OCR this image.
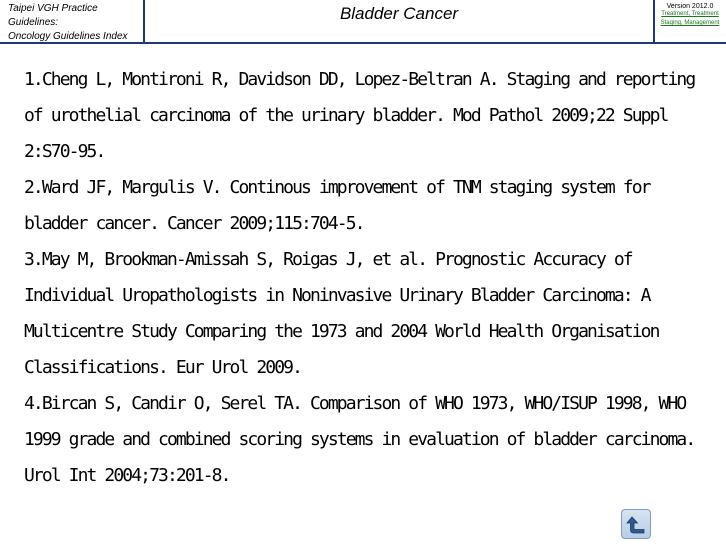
Taipei VGH Practice
Guidelines:
Oncology Guidelines Index
Bladder Cancer	Version 2012.0
Treatment, Treatment
Staging, Management

1.Cheng L, Montironi R, Davidson DD, Lopez-Beltran A. Staging and reporting of urothelial carcinoma of the urinary bladder. Mod Pathol 2009;22 Suppl 2:S70-95.

2.Ward JF, Margulis V. Continous improvement of TNM staging system for bladder cancer. Cancer 2009;115:704-5.

3.May M, Brookman-Amissah S, Roigas J, et al. Prognostic Accuracy of Individual Uropathologists in Noninvasive Urinary Bladder Carcinoma: A Multicentre Study Comparing the 1973 and 2004 World Health Organisation Classifications. Eur Urol 2009.

4.Bircan S, Candir O, Serel TA. Comparison of WHO 1973, WHO/ISUP 1998, WHO 1999 grade and combined scoring systems in evaluation of bladder carcinoma. Urol Int 2004;73:201-8.
